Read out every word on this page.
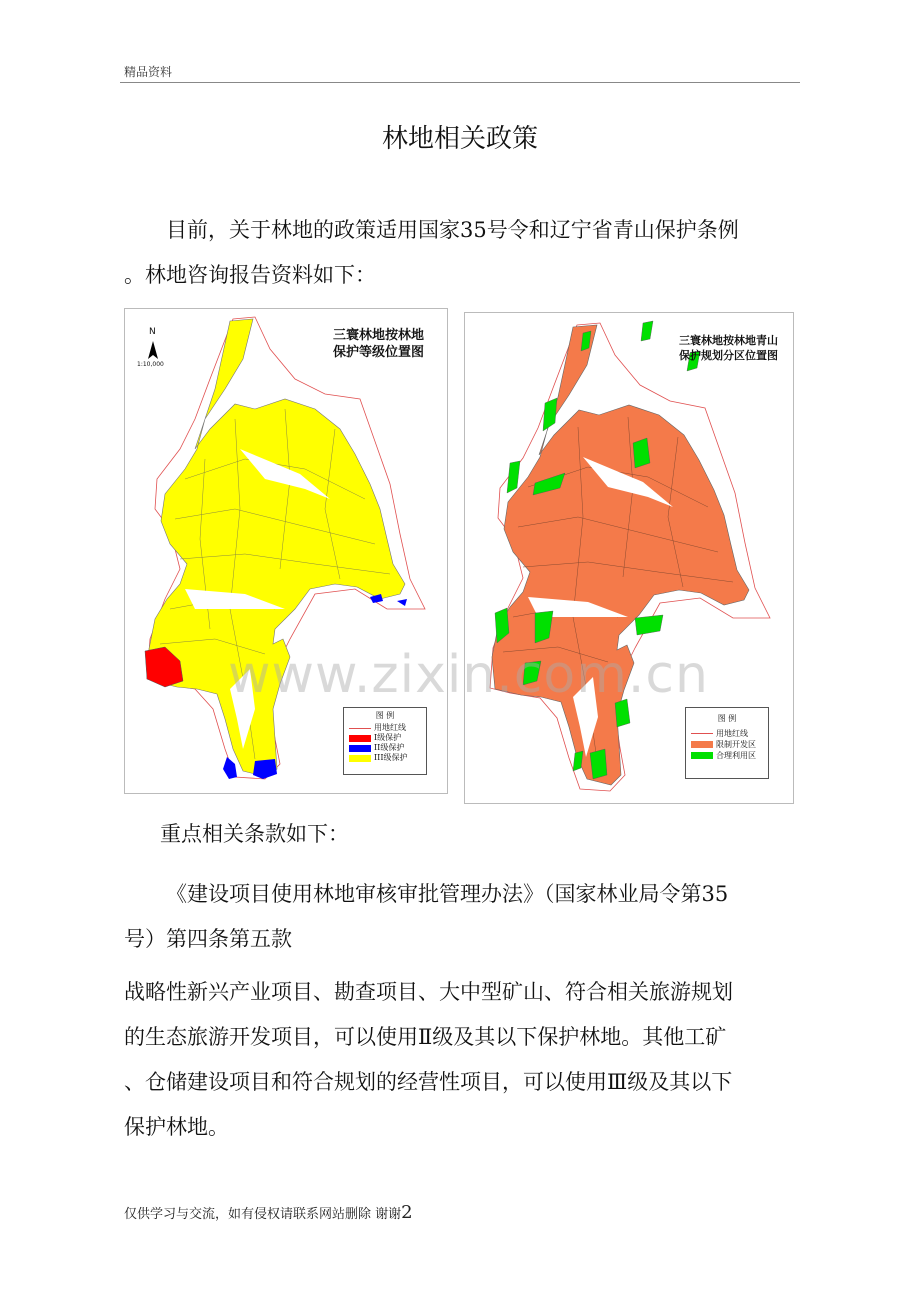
精品资料
林地相关政策
目前，关于林地的政策适用国家35号令和辽宁省青山保护条例
。林地咨询报告资料如下：
N
1:10,000
三寰林地按林地
保护等级位置图
图 例
用地红线
I级保护
II级保护
III级保护
三寰林地按林地青山
保护规划分区位置图
图 例
用地红线
限制开发区
合理利用区
www.zixin.com.cn
重点相关条款如下：
《建设项目使用林地审核审批管理办法》（国家林业局令第35
号）第四条第五款
战略性新兴产业项目、勘查项目、大中型矿山、符合相关旅游规划
的生态旅游开发项目，可以使用Ⅱ级及其以下保护林地。其他工矿
、仓储建设项目和符合规划的经营性项目，可以使用Ⅲ级及其以下
保护林地。
仅供学习与交流，如有侵权请联系网站删除 谢谢2
